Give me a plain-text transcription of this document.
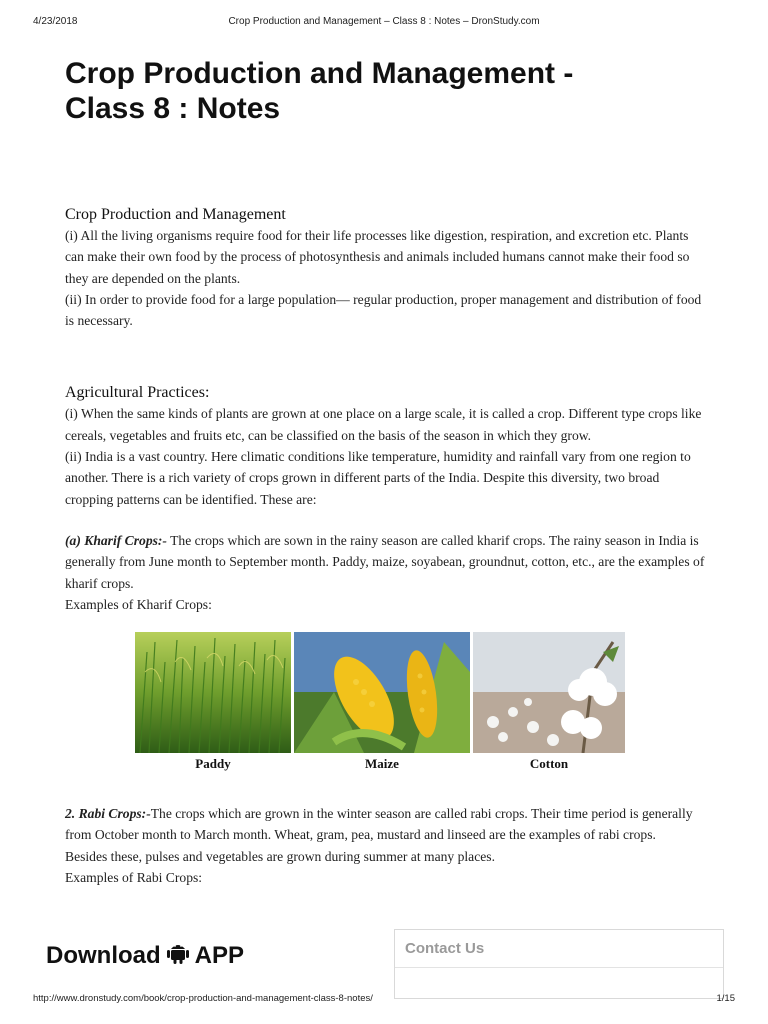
4/23/2018	Crop Production and Management – Class 8 : Notes – DronStudy.com
Crop Production and Management -
Class 8 : Notes
Crop Production and Management

(i) All the living organisms require food for their life processes like digestion, respiration, and excretion etc. Plants can make their own food by the process of photosynthesis and animals included humans cannot make their food so they are depended on the plants.

(ii) In order to provide food for a large population— regular production, proper management and distribution of food is necessary.

Agricultural Practices:

(i) When the same kinds of plants are grown at one place on a large scale, it is called a crop. Different type crops like cereals, vegetables and fruits etc, can be classified on the basis of the season in which they grow.

(ii) India is a vast country. Here climatic conditions like temperature, humidity and rainfall vary from one region to another. There is a rich variety of crops grown in different parts of the India. Despite this diversity, two broad cropping patterns can be identified. These are:

(a) Kharif Crops:- The crops which are sown in the rainy season are called kharif crops. The rainy season in India is generally from June month to September month. Paddy, maize, soyabean, groundnut, cotton, etc., are the examples of kharif crops.

Examples of Kharif Crops:

Paddy	Maize	Cotton

2. Rabi Crops:-The crops which are grown in the winter season are called rabi crops. Their time period is generally from October month to March month. Wheat, gram, pea, mustard and linseed are the examples of rabi crops.

Besides these, pulses and vegetables are grown during summer at many places.

Examples of Rabi Crops:

Download APP	Contact Us
http://www.dronstudy.com/book/crop-production-and-management-class-8-notes/	1/15
